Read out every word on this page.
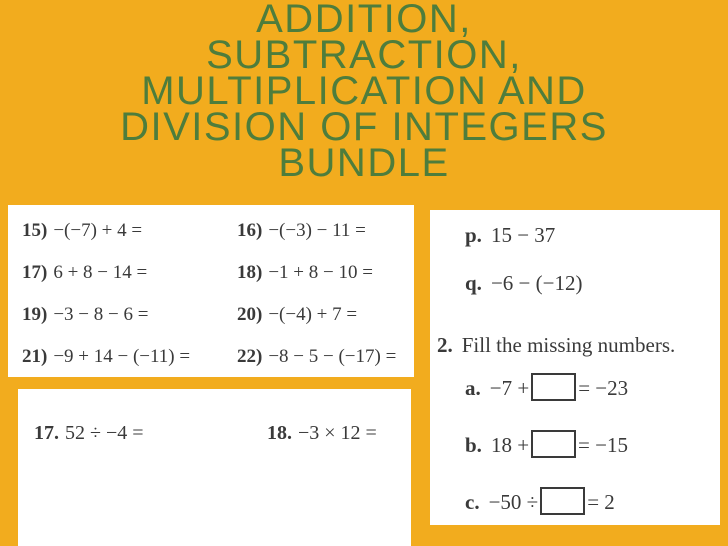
ADDITION,
SUBTRACTION,
MULTIPLICATION AND
DIVISION OF INTEGERS
BUNDLE
15) −(−7) + 4 =	16) −(−3) − 11 =
17) 6 + 8 − 14 =	18) −1 + 8 − 10 =
19) −3 − 8 − 6 =	20) −(−4) + 7 =
21) −9 + 14 − (−11) = 22) −8 − 5 − (−17) =
17. 52 ÷ −4 =	18. −3 × 12 =
p. 15 − 37
q. −6 − (−12)
2. Fill the missing numbers.
a. −7 + = −23
b. 18 + = −15
c. −50 ÷ = 2
